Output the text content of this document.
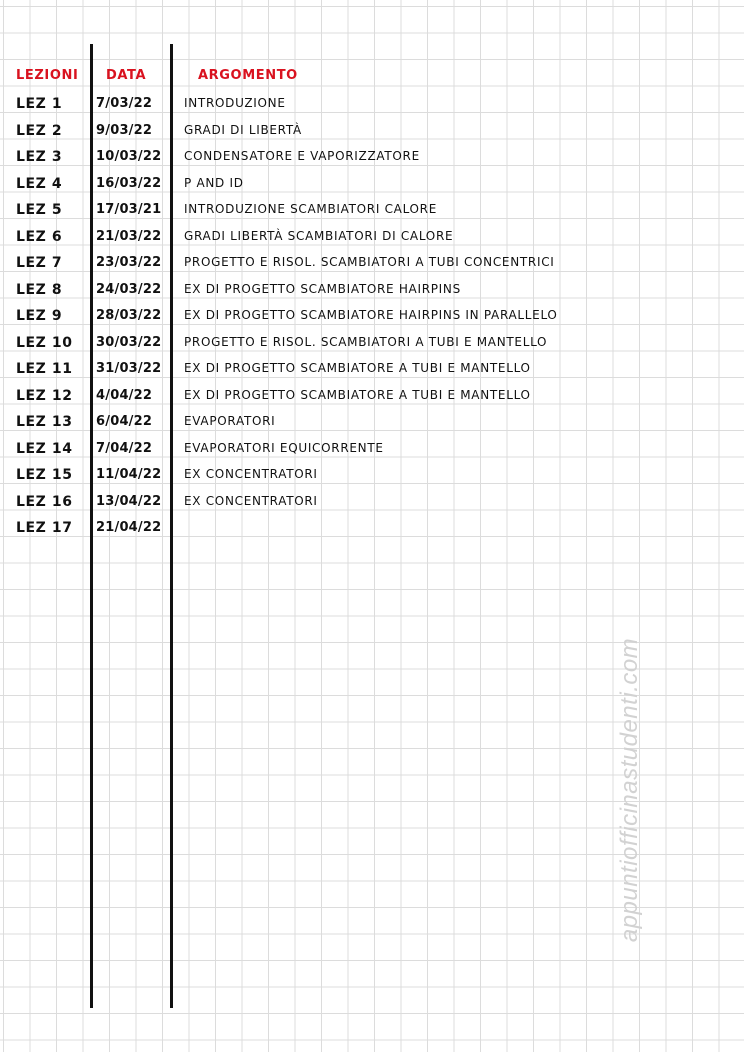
LEZIONI DATA	ARGOMENTO
LEZ 1	7/03/22	INTRODUZIONE
LEZ 2	9/03/22	GRADI DI LIBERTÀ
LEZ 3	10/03/22 CONDENSATORE E VAPORIZZATORE
LEZ 4	16/03/22 P AND ID
LEZ 5	17/03/21 INTRODUZIONE SCAMBIATORI CALORE
LEZ 6	21/03/22 GRADI LIBERTÀ SCAMBIATORI DI CALORE
LEZ 7	23/03/22 PROGETTO E RISOL. SCAMBIATORI A TUBI CONCENTRICI
LEZ 8	24/03/22 EX DI PROGETTO SCAMBIATORE HAIRPINS
LEZ 9	28/03/22 EX DI PROGETTO SCAMBIATORE HAIRPINS IN PARALLELO
LEZ 10 30/03/22 PROGETTO E RISOL. SCAMBIATORI A TUBI E MANTELLO
LEZ 11 31/03/22 EX DI PROGETTO SCAMBIATORE A TUBI E MANTELLO
LEZ 12 4/04/22	EX DI PROGETTO SCAMBIATORE A TUBI E MANTELLO
LEZ 13 6/04/22	EVAPORATORI
LEZ 14 7/04/22	EVAPORATORI EQUICORRENTE
LEZ 15 11/04/22 EX CONCENTRATORI
LEZ 16 13/04/22 EX CONCENTRATORI
LEZ 17 21/04/22
appuntiofficinastudenti.com
